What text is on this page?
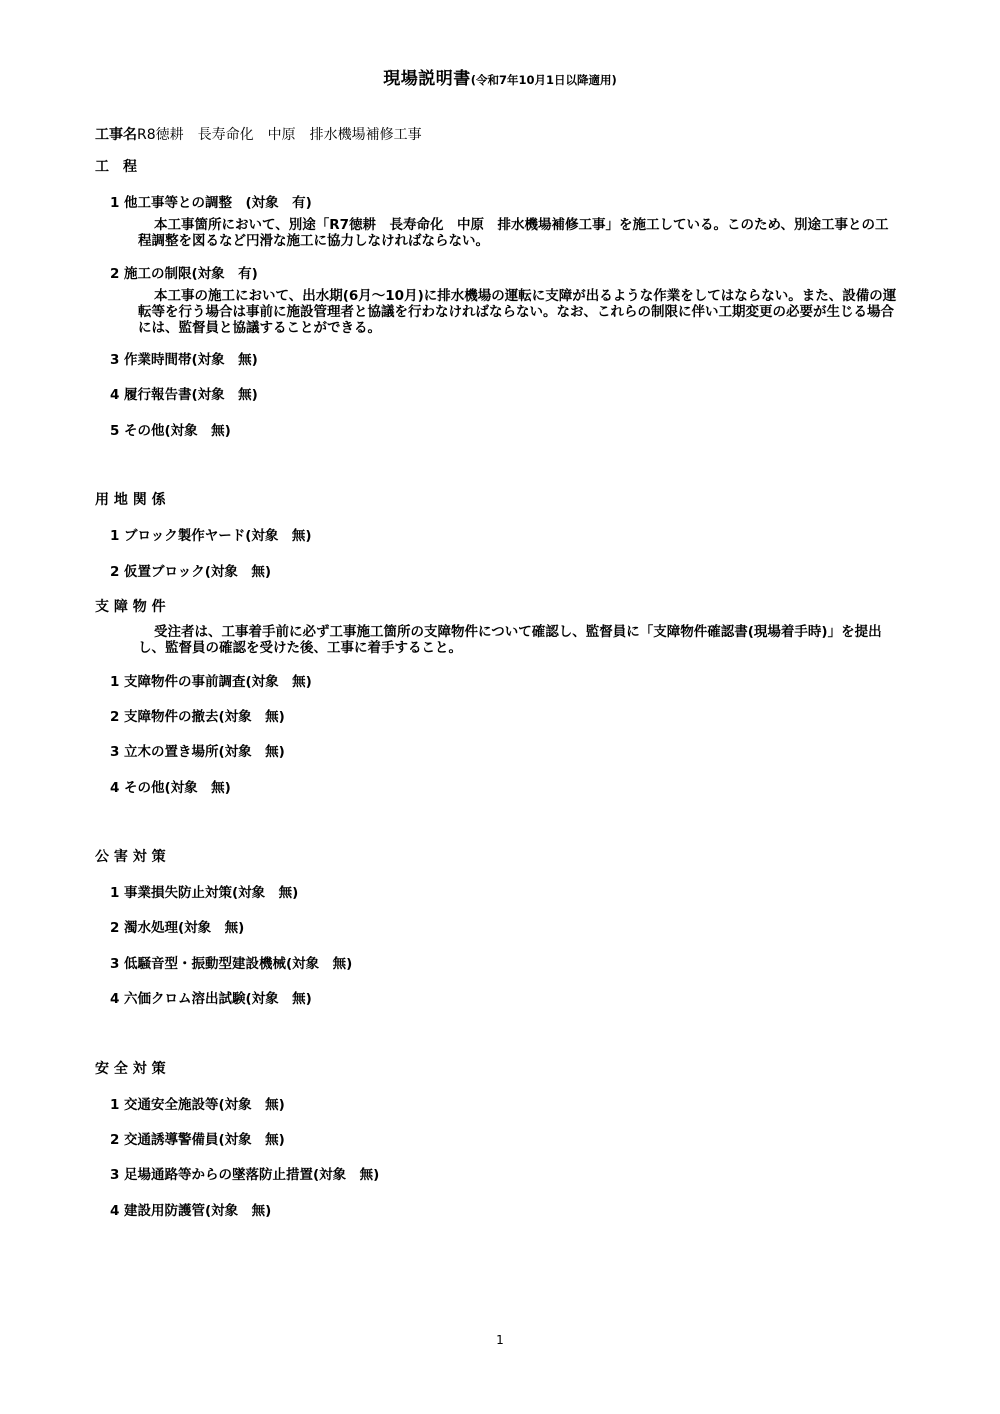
現場説明書(令和7年10月1日以降適用)
工事名R8徳耕　長寿命化　中原　排水機場補修工事
工　程
1 他工事等との調整　(対象　有)
本工事箇所において、別途「R7徳耕　長寿命化　中原　排水機場補修工事」を施工している。このため、別途工事との工程調整を図るなど円滑な施工に協力しなければならない。
2 施工の制限(対象　有)
本工事の施工において、出水期(6月～10月)に排水機場の運転に支障が出るような作業をしてはならない。また、設備の運転等を行う場合は事前に施設管理者と協議を行わなければならない。なお、これらの制限に伴い工期変更の必要が生じる場合には、監督員と協議することができる。
3 作業時間帯(対象　無)
4 履行報告書(対象　無)
5 その他(対象　無)
用 地 関 係
1 ブロック製作ヤード(対象　無)
2 仮置ブロック(対象　無)
支 障 物 件
受注者は、工事着手前に必ず工事施工箇所の支障物件について確認し、監督員に「支障物件確認書(現場着手時)」を提出し、監督員の確認を受けた後、工事に着手すること。
1 支障物件の事前調査(対象　無)
2 支障物件の撤去(対象　無)
3 立木の置き場所(対象　無)
4 その他(対象　無)
公 害 対 策
1 事業損失防止対策(対象　無)
2 濁水処理(対象　無)
3 低騒音型・振動型建設機械(対象　無)
4 六価クロム溶出試験(対象　無)
安 全 対 策
1 交通安全施設等(対象　無)
2 交通誘導警備員(対象　無)
3 足場通路等からの墜落防止措置(対象　無)
4 建設用防護管(対象　無)
1
